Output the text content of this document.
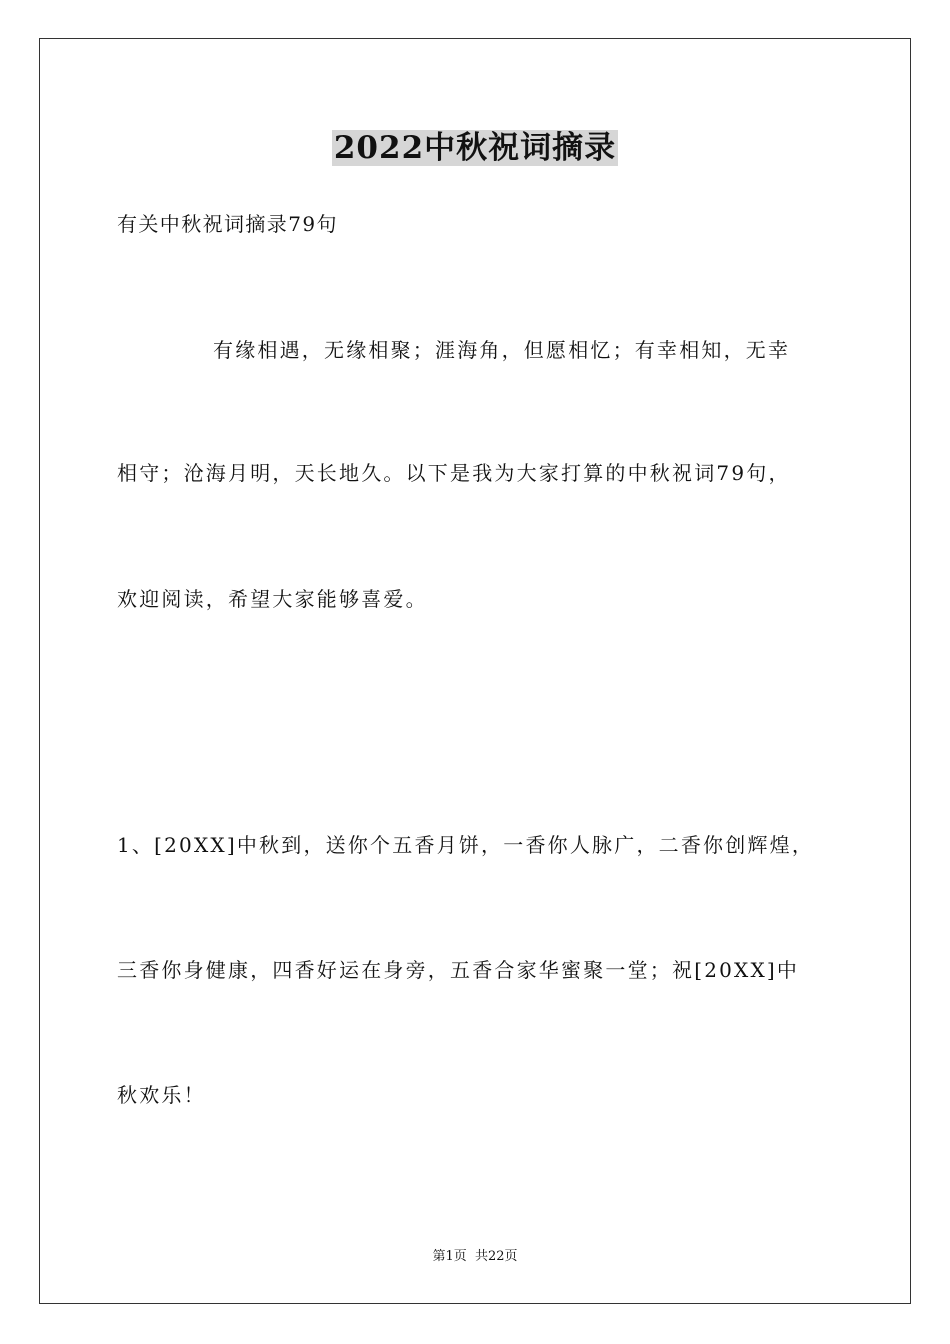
2022中秋祝词摘录
有关中秋祝词摘录79句
有缘相遇，无缘相聚；涯海角，但愿相忆；有幸相知，无幸
相守；沧海月明，天长地久。以下是我为大家打算的中秋祝词79句，
欢迎阅读，希望大家能够喜爱。
1、[20XX]中秋到，送你个五香月饼，一香你人脉广，二香你创辉煌，
三香你身健康，四香好运在身旁，五香合家华蜜聚一堂；祝[20XX]中
秋欢乐！
第1页  共22页
